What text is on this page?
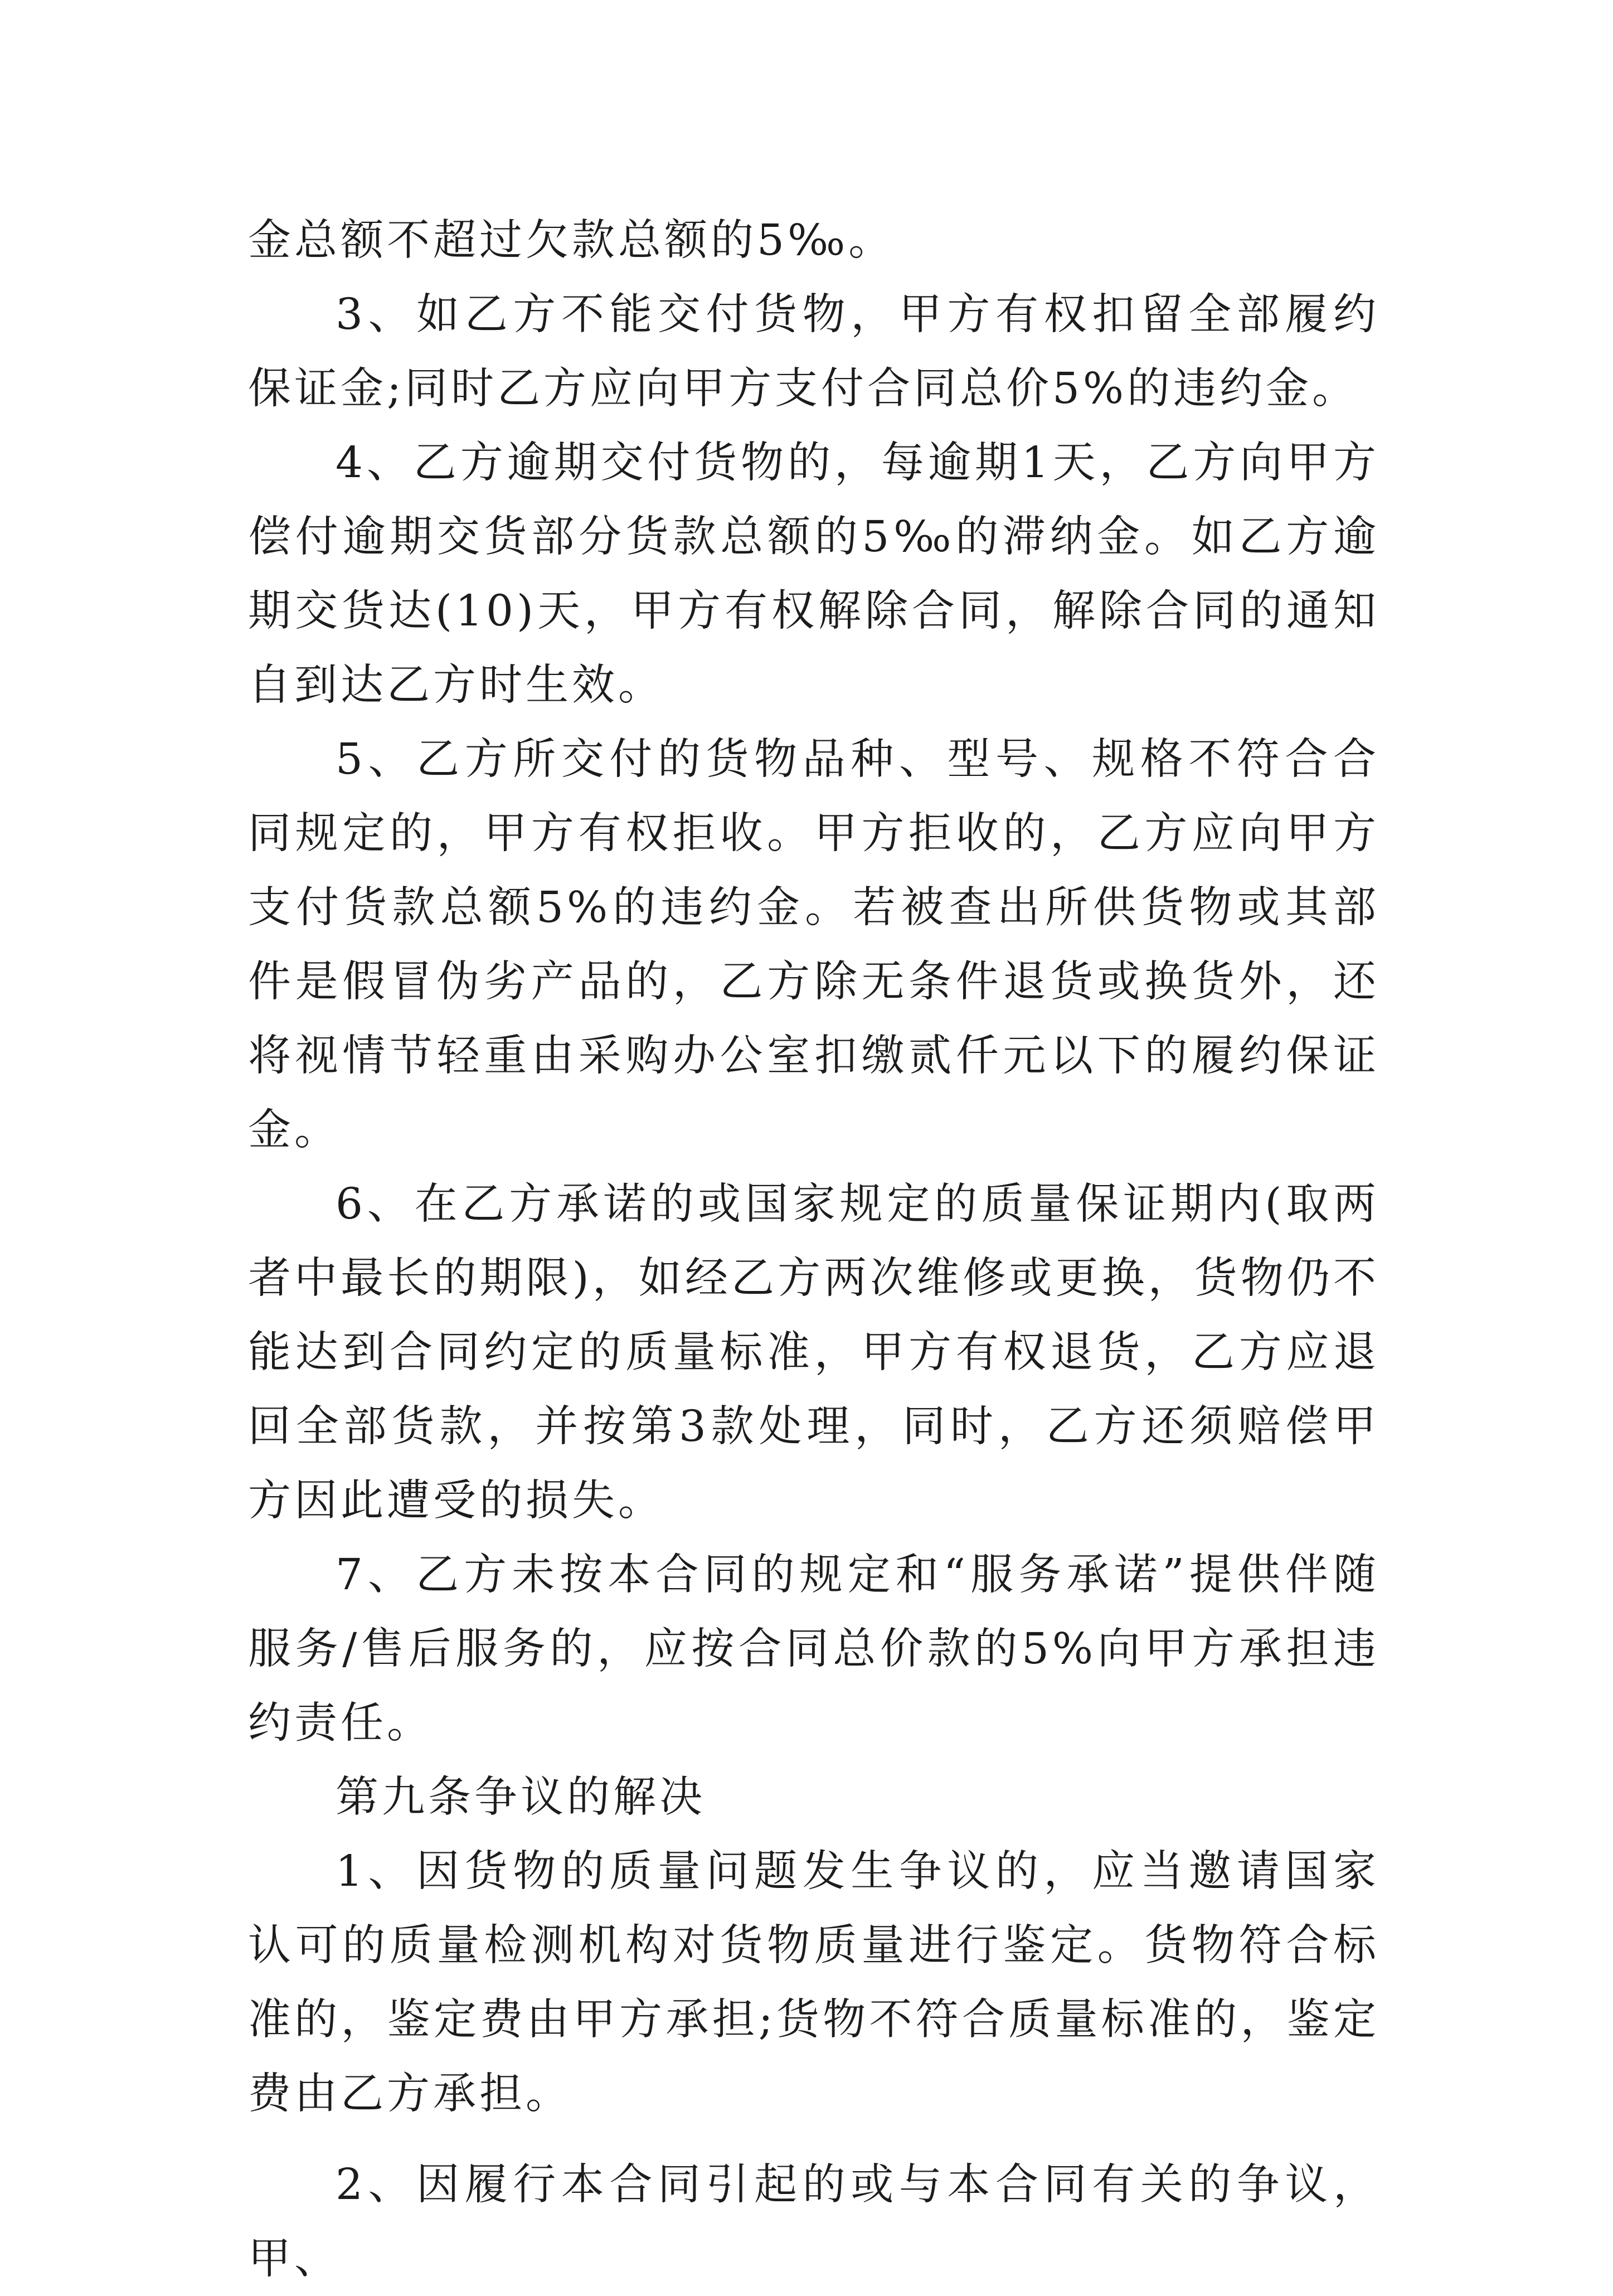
金总额不超过欠款总额的5‰。

3、如乙方不能交付货物，甲方有权扣留全部履约保证金;同时乙方应向甲方支付合同总价5%的违约金。

4、乙方逾期交付货物的，每逾期1天，乙方向甲方偿付逾期交货部分货款总额的5‰的滞纳金。如乙方逾期交货达(10)天，甲方有权解除合同，解除合同的通知自到达乙方时生效。

5、乙方所交付的货物品种、型号、规格不符合合同规定的，甲方有权拒收。甲方拒收的，乙方应向甲方支付货款总额5%的违约金。若被查出所供货物或其部件是假冒伪劣产品的，乙方除无条件退货或换货外，还将视情节轻重由采购办公室扣缴贰仟元以下的履约保证金。

6、在乙方承诺的或国家规定的质量保证期内(取两者中最长的期限)，如经乙方两次维修或更换，货物仍不能达到合同约定的质量标准，甲方有权退货，乙方应退回全部货款，并按第3款处理，同时，乙方还须赔偿甲方因此遭受的损失。

7、乙方未按本合同的规定和“服务承诺”提供伴随服务/售后服务的，应按合同总价款的5%向甲方承担违约责任。

第九条争议的解决

1、因货物的质量问题发生争议的，应当邀请国家认可的质量检测机构对货物质量进行鉴定。货物符合标准的，鉴定费由甲方承担;货物不符合质量标准的，鉴定费由乙方承担。

2、因履行本合同引起的或与本合同有关的争议，甲、
